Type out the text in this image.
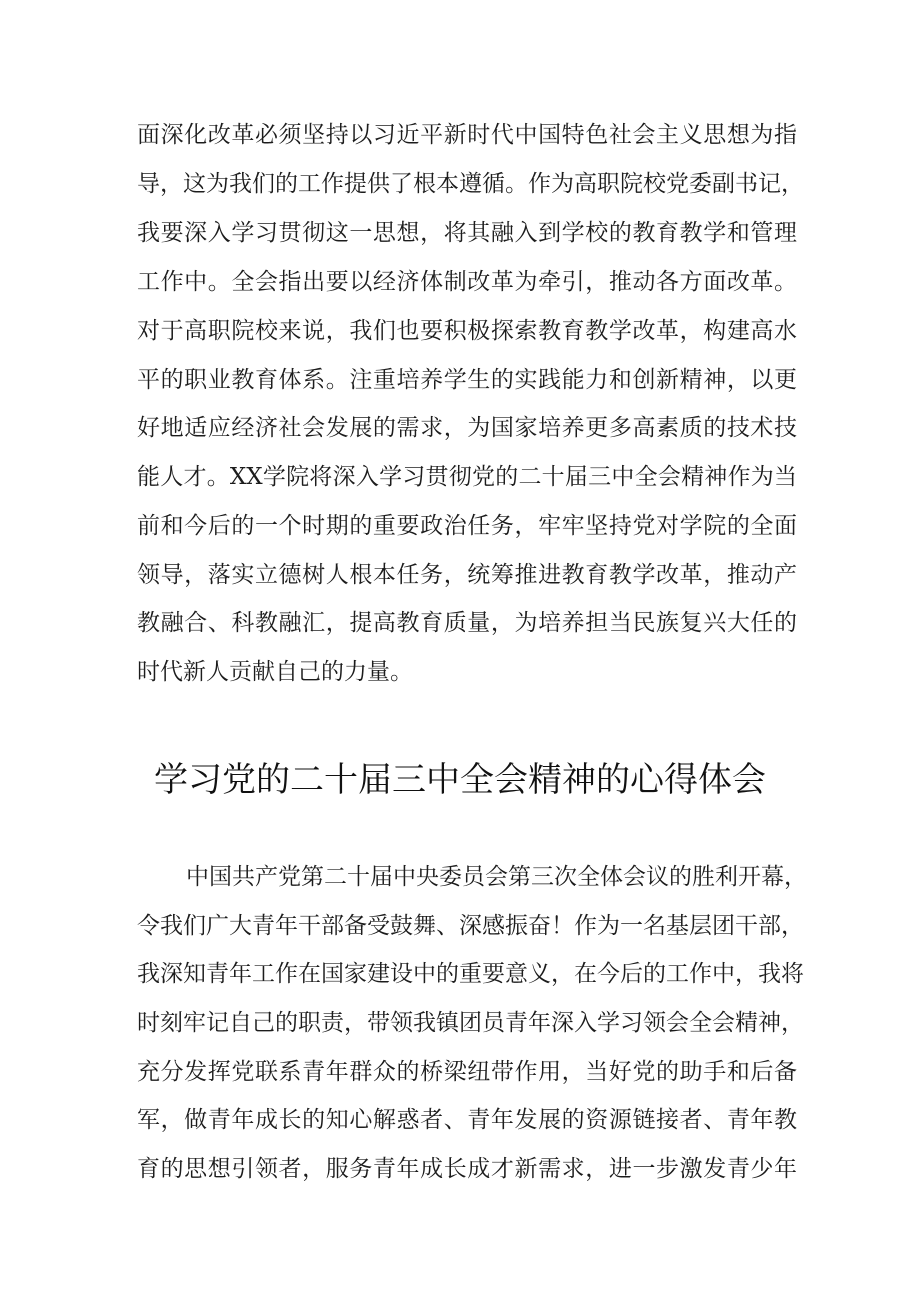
面深化改革必须坚持以习近平新时代中国特色社会主义思想为指
导，这为我们的工作提供了根本遵循。作为高职院校党委副书记，
我要深入学习贯彻这一思想，将其融入到学校的教育教学和管理
工作中。全会指出要以经济体制改革为牵引，推动各方面改革。
对于高职院校来说，我们也要积极探索教育教学改革，构建高水
平的职业教育体系。注重培养学生的实践能力和创新精神，以更
好地适应经济社会发展的需求，为国家培养更多高素质的技术技
能人才。XX学院将深入学习贯彻党的二十届三中全会精神作为当
前和今后的一个时期的重要政治任务，牢牢坚持党对学院的全面
领导，落实立德树人根本任务，统筹推进教育教学改革，推动产
教融合、科教融汇，提高教育质量，为培养担当民族复兴大任的
时代新人贡献自己的力量。
学习党的二十届三中全会精神的心得体会
中国共产党第二十届中央委员会第三次全体会议的胜利开幕，
令我们广大青年干部备受鼓舞、深感振奋！作为一名基层团干部，
我深知青年工作在国家建设中的重要意义，在今后的工作中，我将
时刻牢记自己的职责，带领我镇团员青年深入学习领会全会精神，
充分发挥党联系青年群众的桥梁纽带作用，当好党的助手和后备
军，做青年成长的知心解惑者、青年发展的资源链接者、青年教
育的思想引领者，服务青年成长成才新需求，进一步激发青少年
